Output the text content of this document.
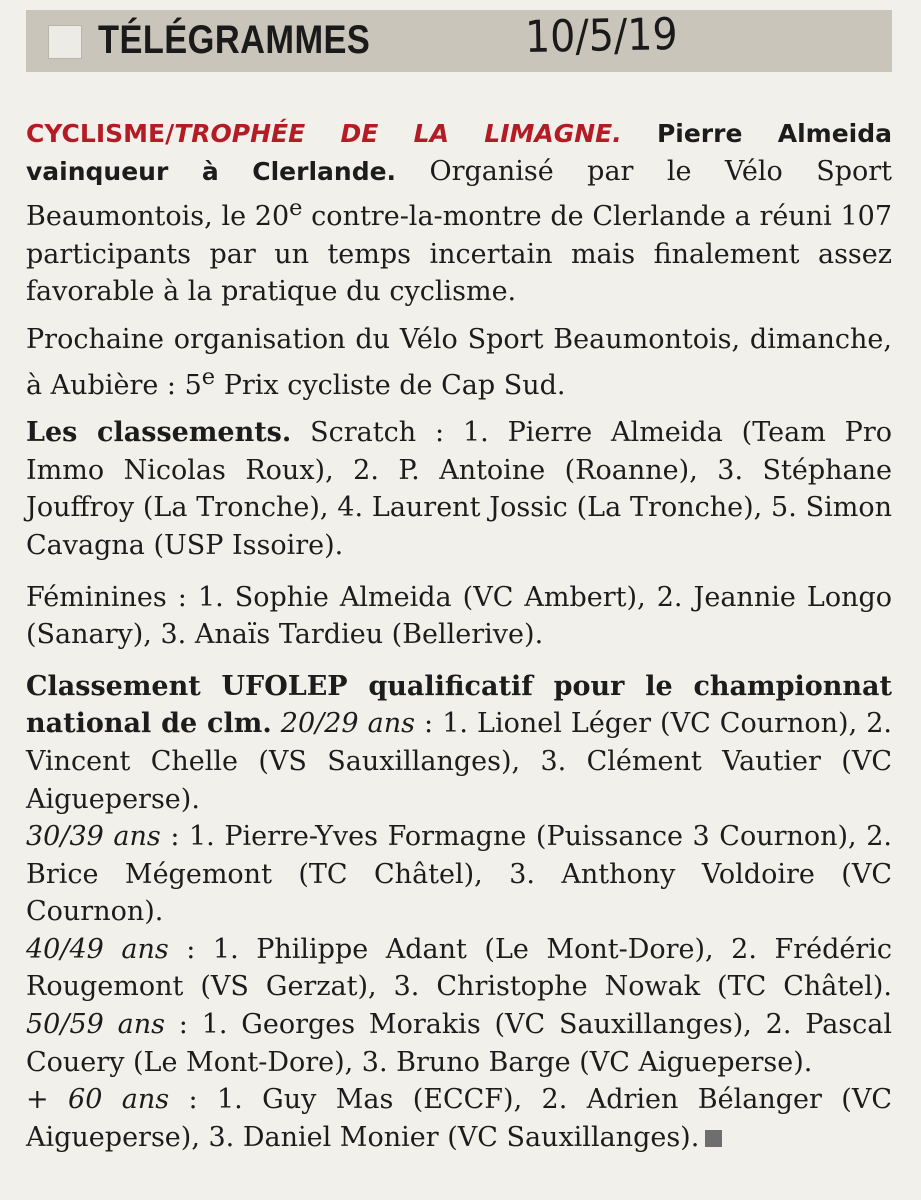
TÉLÉGRAMMES	10/5/19

CYCLISME/TROPHÉE DE LA LIMAGNE. Pierre Almeida vainqueur à Clerlande. Organisé par le Vélo Sport Beaumontois, le 20e contre-la-montre de Clerlande a réuni 107 participants par un temps incertain mais finalement assez favorable à la pratique du cyclisme.

Prochaine organisation du Vélo Sport Beaumontois, dimanche, à Aubière : 5e Prix cycliste de Cap Sud.

Les classements. Scratch : 1. Pierre Almeida (Team Pro Immo Nicolas Roux), 2. P. Antoine (Roanne), 3. Stéphane Jouffroy (La Tronche), 4. Laurent Jossic (La Tronche), 5. Simon Cavagna (USP Issoire).

Féminines : 1. Sophie Almeida (VC Ambert), 2. Jeannie Longo (Sanary), 3. Anaïs Tardieu (Bellerive).

Classement UFOLEP qualificatif pour le championnat national de clm. 20/29 ans : 1. Lionel Léger (VC Cournon), 2. Vincent Chelle (VS Sauxillanges), 3. Clément Vautier (VC Aigueperse).

30/39 ans : 1. Pierre-Yves Formagne (Puissance 3 Cournon), 2. Brice Mégemont (TC Châtel), 3. Anthony Voldoire (VC Cournon).

40/49 ans : 1. Philippe Adant (Le Mont-Dore), 2. Frédéric Rougemont (VS Gerzat), 3. Christophe Nowak (TC Châtel). 50/59 ans : 1. Georges Morakis (VC Sauxillanges), 2. Pascal Couery (Le Mont-Dore), 3. Bruno Barge (VC Aigueperse).

+ 60 ans : 1. Guy Mas (ECCF), 2. Adrien Bélanger (VC Aigueperse), 3. Daniel Monier (VC Sauxillanges).
